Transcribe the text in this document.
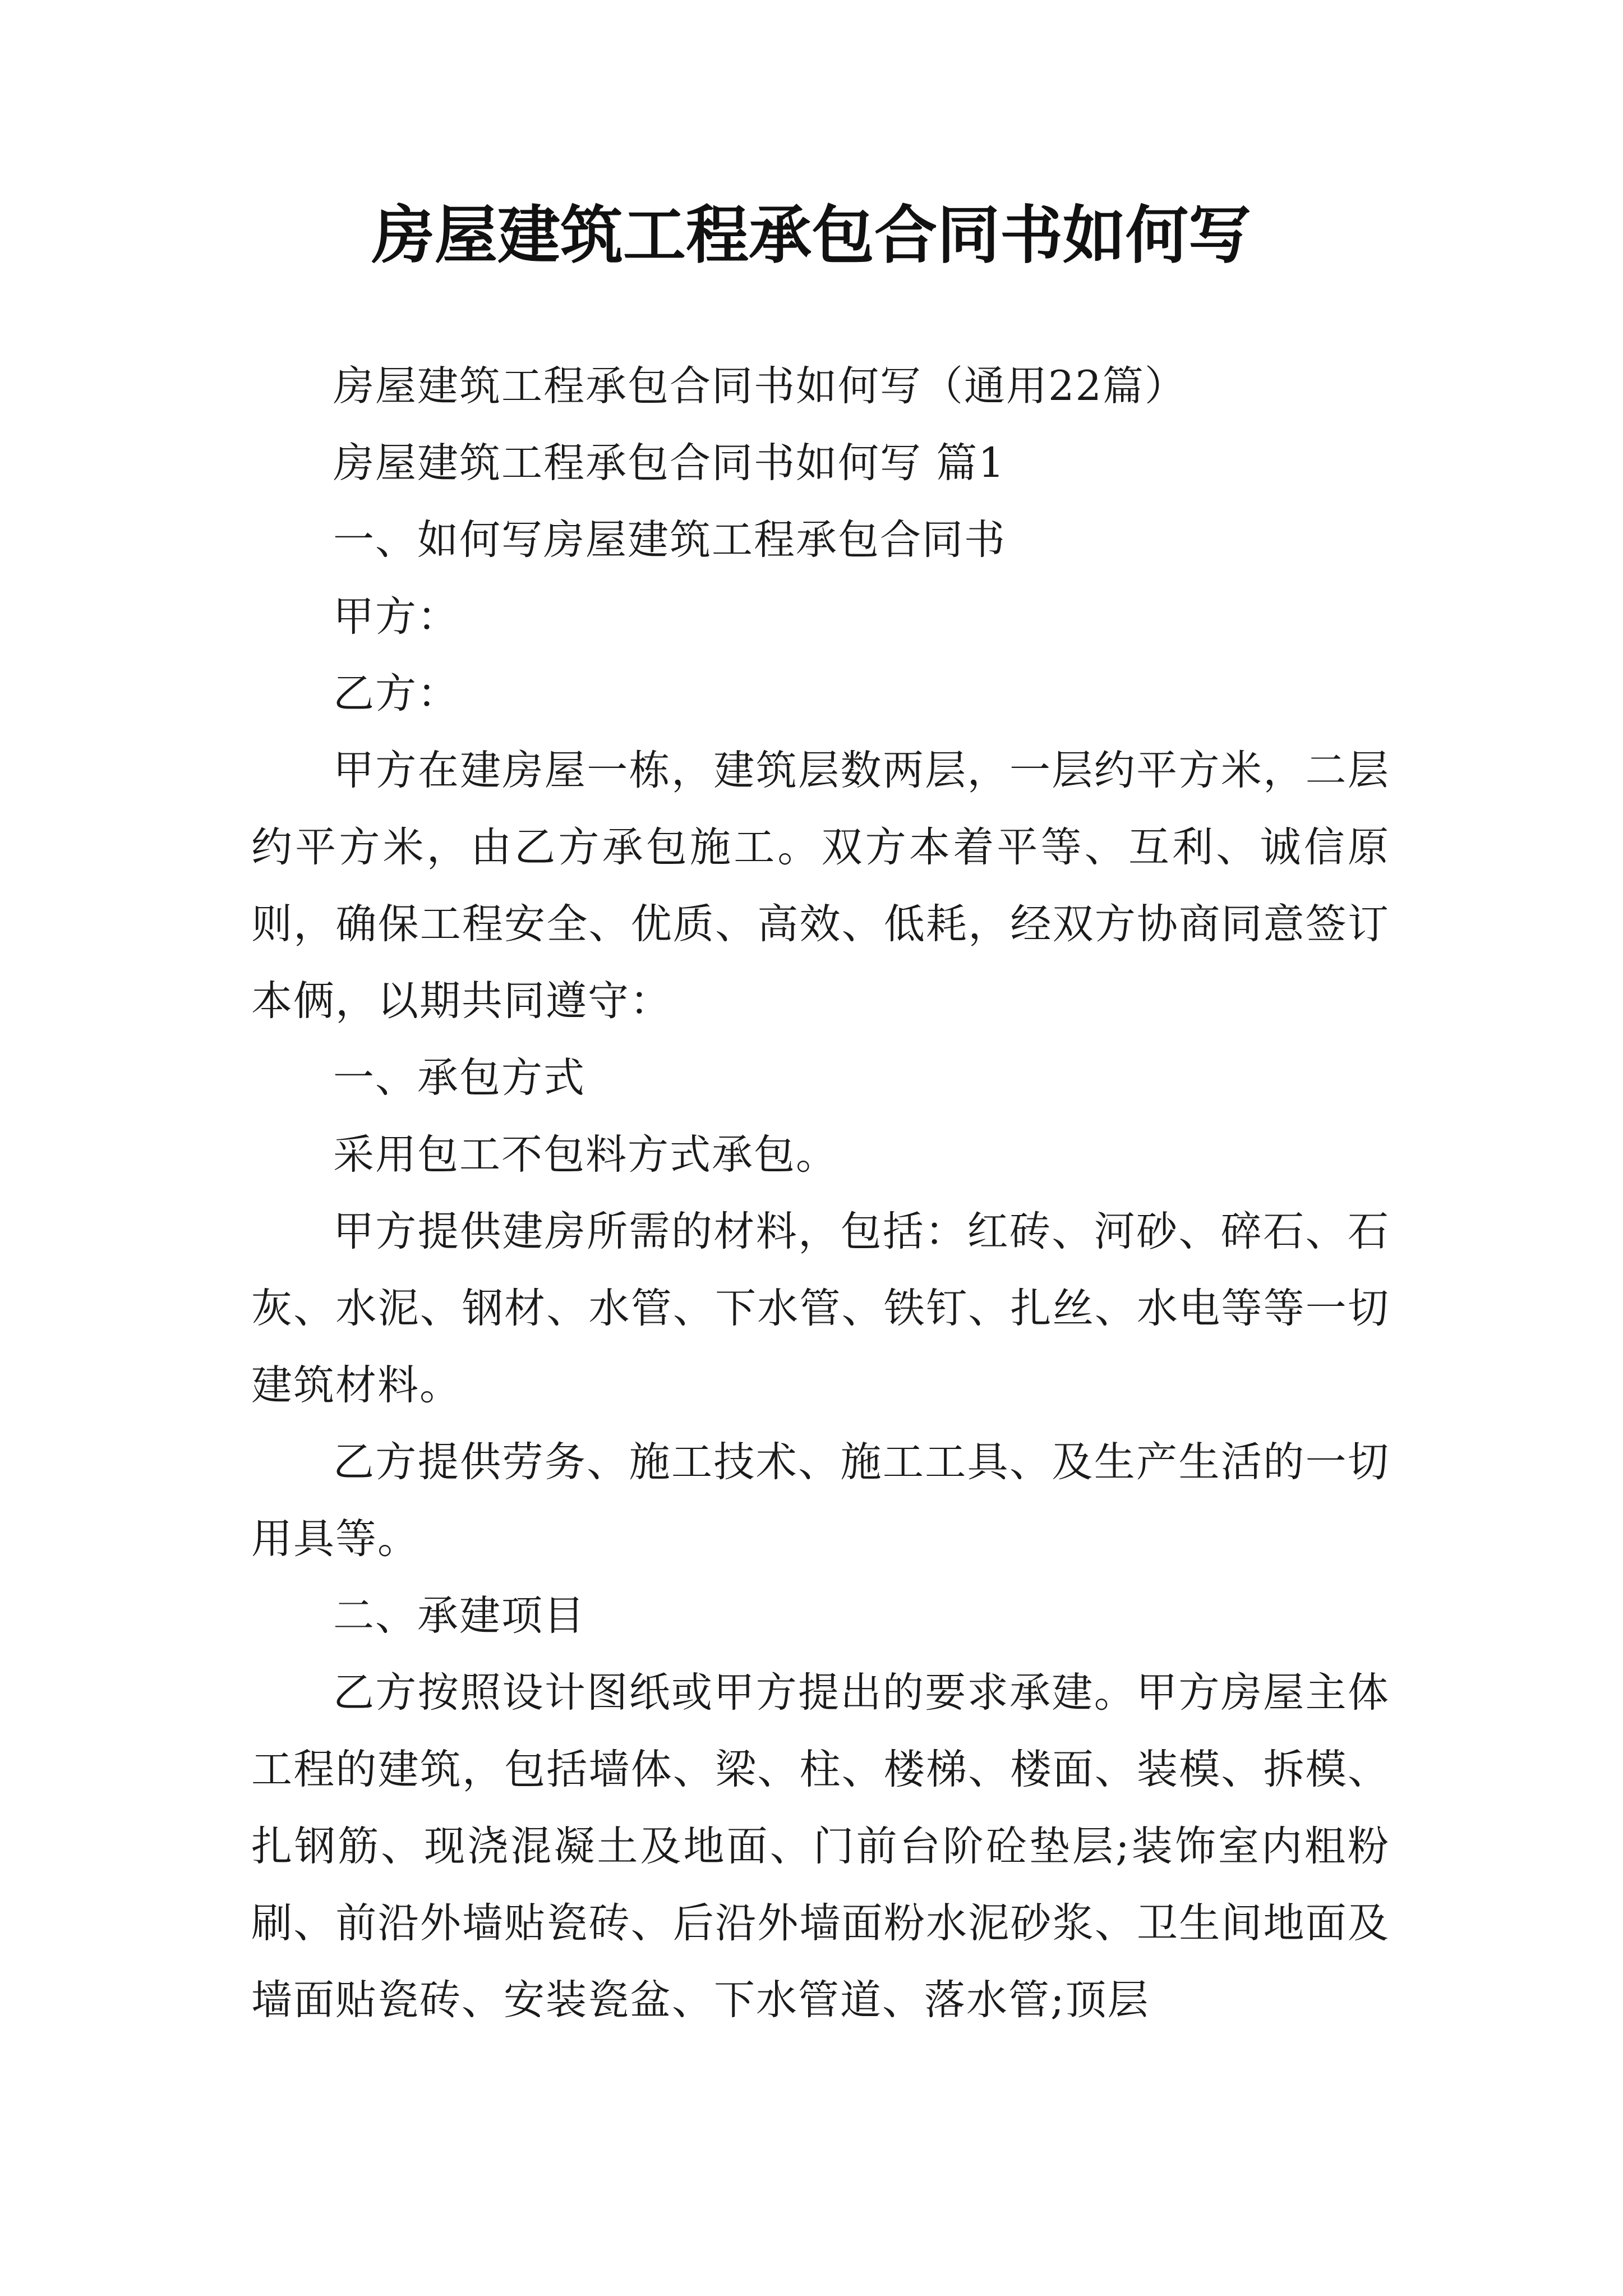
房屋建筑工程承包合同书如何写

房屋建筑工程承包合同书如何写（通用22篇）

房屋建筑工程承包合同书如何写 篇1

一、如何写房屋建筑工程承包合同书

甲方：

乙方：

甲方在建房屋一栋，建筑层数两层，一层约平方米，二层约平方米，由乙方承包施工。双方本着平等、互利、诚信原则，确保工程安全、优质、高效、低耗，经双方协商同意签订本俩，以期共同遵守：

一、承包方式

采用包工不包料方式承包。

甲方提供建房所需的材料，包括：红砖、河砂、碎石、石灰、水泥、钢材、水管、下水管、铁钉、扎丝、水电等等一切建筑材料。

乙方提供劳务、施工技术、施工工具、及生产生活的一切用具等。

二、承建项目

乙方按照设计图纸或甲方提出的要求承建。甲方房屋主体工程的建筑，包括墙体、梁、柱、楼梯、楼面、装模、拆模、扎钢筋、现浇混凝土及地面、门前台阶砼垫层;装饰室内粗粉刷、前沿外墙贴瓷砖、后沿外墙面粉水泥砂浆、卫生间地面及墙面贴瓷砖、安装瓷盆、下水管道、落水管;顶层
